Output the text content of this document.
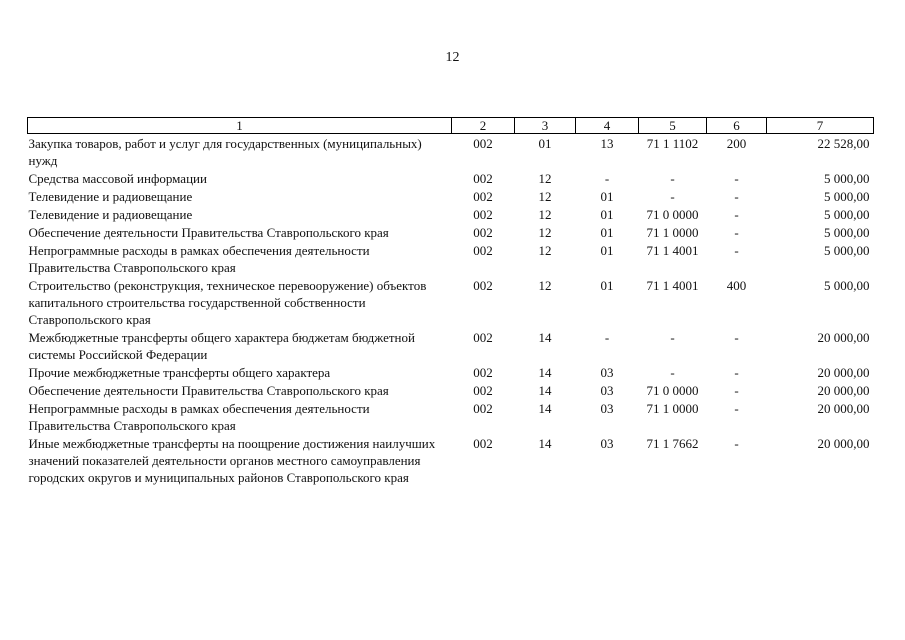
12
1	2	3	4	5	6	7
Закупка товаров, работ и услуг для государственных (муниципальных) нужд	002	01	13	71 1 1102	200	22 528,00
Средства массовой информации	002	12	-	-	-	5 000,00
Телевидение и радиовещание	002	12	01	-	-	5 000,00
Телевидение и радиовещание	002	12	01	71 0 0000	-	5 000,00
Обеспечение деятельности Правительства Ставропольского края	002	12	01	71 1 0000	-	5 000,00
Непрограммные расходы в рамках обеспечения деятельности Правительства Ставропольского края	002	12	01	71 1 4001	-	5 000,00
Строительство (реконструкция, техническое перевооружение) объектов капитального строительства государственной собственности Ставропольского края	002	12	01	71 1 4001	400	5 000,00
Межбюджетные трансферты общего характера бюджетам бюджетной системы Российской Федерации	002	14	-	-	-	20 000,00
Прочие межбюджетные трансферты общего характера	002	14	03	-	-	20 000,00
Обеспечение деятельности Правительства Ставропольского края	002	14	03	71 0 0000	-	20 000,00
Непрограммные расходы в рамках обеспечения деятельности Правительства Ставропольского края	002	14	03	71 1 0000	-	20 000,00
Иные межбюджетные трансферты на поощрение достижения наилучших значений показателей деятельности органов местного самоуправления городских округов и муниципальных районов Ставропольского края	002	14	03	71 1 7662	-	20 000,00
